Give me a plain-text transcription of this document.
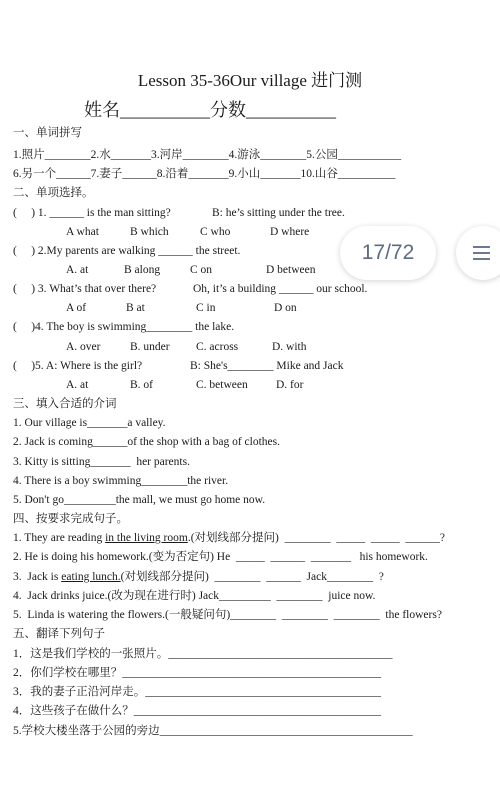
Lesson 35-36Our village 进门测
姓名__________分数__________
一、单词拼写
1.照片________2.水_______3.河岸________4.游泳________5.公园___________
6.另一个______7.妻子______8.沿着_______9.小山_______10.山谷__________
二、单项选择。
(     ) 1. ______ is the man sitting?	B: he’s sitting under the tree.
A what	B which	C who	D where
(     ) 2.My parents are walking ______ the street.
A. at	B along	C on	D between
(     ) 3. What’s that over there?	Oh, it’s a building ______ our school.
A of	B at	C in	D on
(     )4. The boy is swimming________ the lake.
A. over	B. under C. across	D. with
(     )5. A: Where is the girl?	B: She's________ Mike and Jack
A. at	B. of	C. between D. for
三、填入合适的介词
1. Our village is_______a valley.
2. Jack is coming______of the shop with a bag of clothes.
3. Kitty is sitting_______  her parents.
4. There is a boy swimming________the river.
5. Don't go_________the mall, we must go home now.
四、按要求完成句子。
1. They are reading in the living room.(对划线部分提问)  ________  _____  _____  ______?
2. He is doing his homework.(变为否定句) He  _____  ______  _______   his homework.
3.  Jack is eating lunch.(对划线部分提问)  ________  ______  Jack________  ?
4.  Jack drinks juice.(改为现在进行时) Jack_________  ________  juice now.
5.  Linda is watering the flowers.(一般疑问句)________  ________  ________  the flowers?
五、翻译下列句子
1．这是我们学校的一张照片。_______________________________________
2．你们学校在哪里？_____________________________________________
3．我的妻子正沿河岸走。_________________________________________
4．这些孩子在做什么？___________________________________________
5.学校大楼坐落于公园的旁边____________________________________________
17/72
